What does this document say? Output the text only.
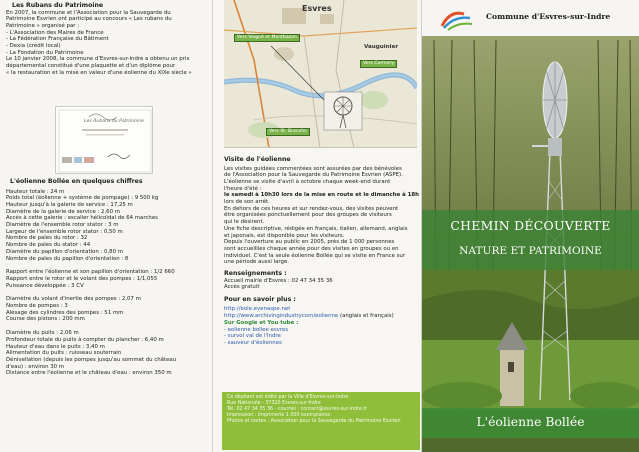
Les Rubans du Patrimoine
En 2007, la commune et l'Association pour la Sauvegarde du
Patrimoine Esvrien ont participé au concours « Les rubans du
Patrimoine » organisé par :
- L'Association des Maires de France
- La Fédération Française du Bâtiment
- Dexia (crédit local)
- La Fondation du Patrimoine
Le 10 janvier 2008, la commune d'Esvres-sur-Indre a obtenu un prix
départemental constitué d'une plaquette et d'un diplôme pour
« la restauration et la mise en valeur d'une éolienne du XIXe siècle »
Les Rubans du Patrimoine
L'éolienne Bollée en quelques chiffres
Hauteur totale : 24 m
Poids total (éolienne + système de pompage) : 9 500 kg
Hauteur jusqu'à la galerie de service : 17,25 m
Diamètre de la galerie de service : 2,60 m
Accès à cette galerie : escalier hélicoïdal de 64 marches
Diamètre de l'ensemble rotor stator : 3 m
Largeur de l'ensemble rotor stator : 0,50 m
Nombre de pales du rotor : 32
Nombre de pales du stator : 44
Diamètre du papillon d'orientation : 0,80 m
Nombre de pales du papillon d'orientation : 8
Rapport entre l'éolienne et son papillon d'orientation : 1/2 660
Rapport entre le rotor et le volant des pompes : 1/1,055
Puissance développée : 3 CV
Diamètre du volant d'inertie des pompes : 2,07 m
Nombre de pompes : 3
Alésage des cylindres des pompes : 51 mm
Course des pistons : 200 mm
Diamètre du puits : 2,06 m
Profondeur totale du puits à compter du plancher : 6,40 m
Hauteur d'eau dans le puits : 3,40 m
Alimentation du puits : ruisseau souterrain
Dénivellation (depuis les pompes jusqu'au sommet du château
d'eau) : environ 30 m
Distance entre l'éolienne et le château d'eau : environ 350 m
Esvres
Vauguinier
Vers Veigné et Montbazon
Vers Cormery
Vers St. Branchs
Visite de l'éolienne
Les visites guidées commentées sont assurées par des bénévoles
de l'Association pour la Sauvegarde du Patrimoine Esvrien (ASPE).
L'éolienne se visite d'avril à octobre chaque week-end durant
l'heure d'été :
le samedi à 10h30 lors de la mise en route et le dimanche à 18h
lors de son arrêt.
En dehors de ces heures et sur rendez-vous, des visites peuvent
être organisées ponctuellement pour des groupes de visiteurs
qui le désirent.
Une fiche descriptive, rédigée en français, italien, allemand, anglais
et japonais, est disponible pour les visiteurs.
Depuis l'ouverture au public en 2005, près de 1 000 personnes
sont accueillies chaque année pour des visites en groupes ou en
individuel. C'est la seule éolienne Bollée qui se visite en France sur
une période aussi large.
Renseignements :
Accueil mairie d'Esvres : 02 47 34 35 36
Accès gratuit
Pour en savoir plus :
http://eole.evenaspe.net
http://www.archivingindustrycom/eolienne (anglais et français)
Sur Google et You tube :
- eolienne bollee esvres
- survol val de l'Indre
- sauveur d'éoliennes
Ce dépliant est édité par la Ville d'Esvres-sur-Indre
Rue Nationale - 37320 Esvres-sur-Indre
Tél. 02 47 34 35 36 - courriel : contact@esvres-sur-indre.fr
Impression : Imprimerie 1 000 exemplaires
Photos et textes : Association pour la Sauvegarde du Patrimoine Esvrien
Commune d'Esvres-sur-Indre
CHEMIN DÉCOUVERTE
NATURE ET PATRIMOINE
L'éolienne Bollée
